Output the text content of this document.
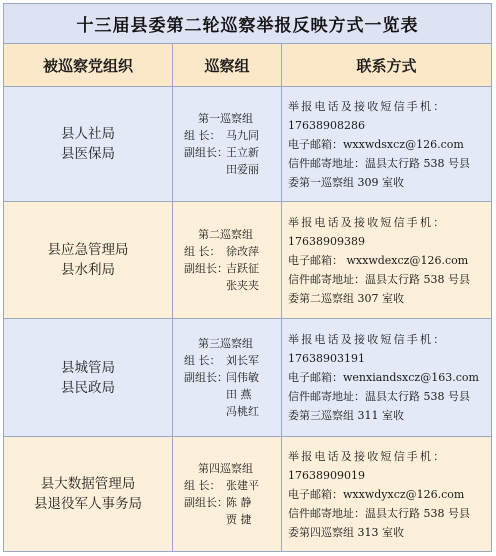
十三届县委第二轮巡察举报反映方式一览表
被巡察党组织	巡察组	联系方式
县人社局
县医保局
第一巡察组
组 长： 马九同
副组长：
王立新
田爱丽
举报电话及接收短信手机：
17638908286
电子邮箱：wxxwdsxcz@126.com
信件邮寄地址：温县太行路 538 号县
委第一巡察组 309 室收
县应急管理局
县水利局
第二巡察组
组 长： 徐改萍
副组长：
吉跃征
张夹夹
举报电话及接收短信手机：
17638909389
电子邮箱： wxxwdexcz@126.com
信件邮寄地址：温县太行路 538 号县
委第二巡察组 307 室收
县城管局
县民政局
第三巡察组
组 长： 刘长军
副组长：
闫伟敏
田 燕
冯桃红
举报电话及接收短信手机：
17638903191
电子邮箱：wenxiandsxcz@163.com
信件邮寄地址：温县太行路 538 号县
委第三巡察组 311 室收
县大数据管理局
县退役军人事务局
第四巡察组
组 长： 张建平
副组长：
陈 静
贾 捷
举报电话及接收短信手机：
17638909019
电子邮箱：wxxwdyxcz@126.com
信件邮寄地址：温县太行路 538 号县
委第四巡察组 313 室收
